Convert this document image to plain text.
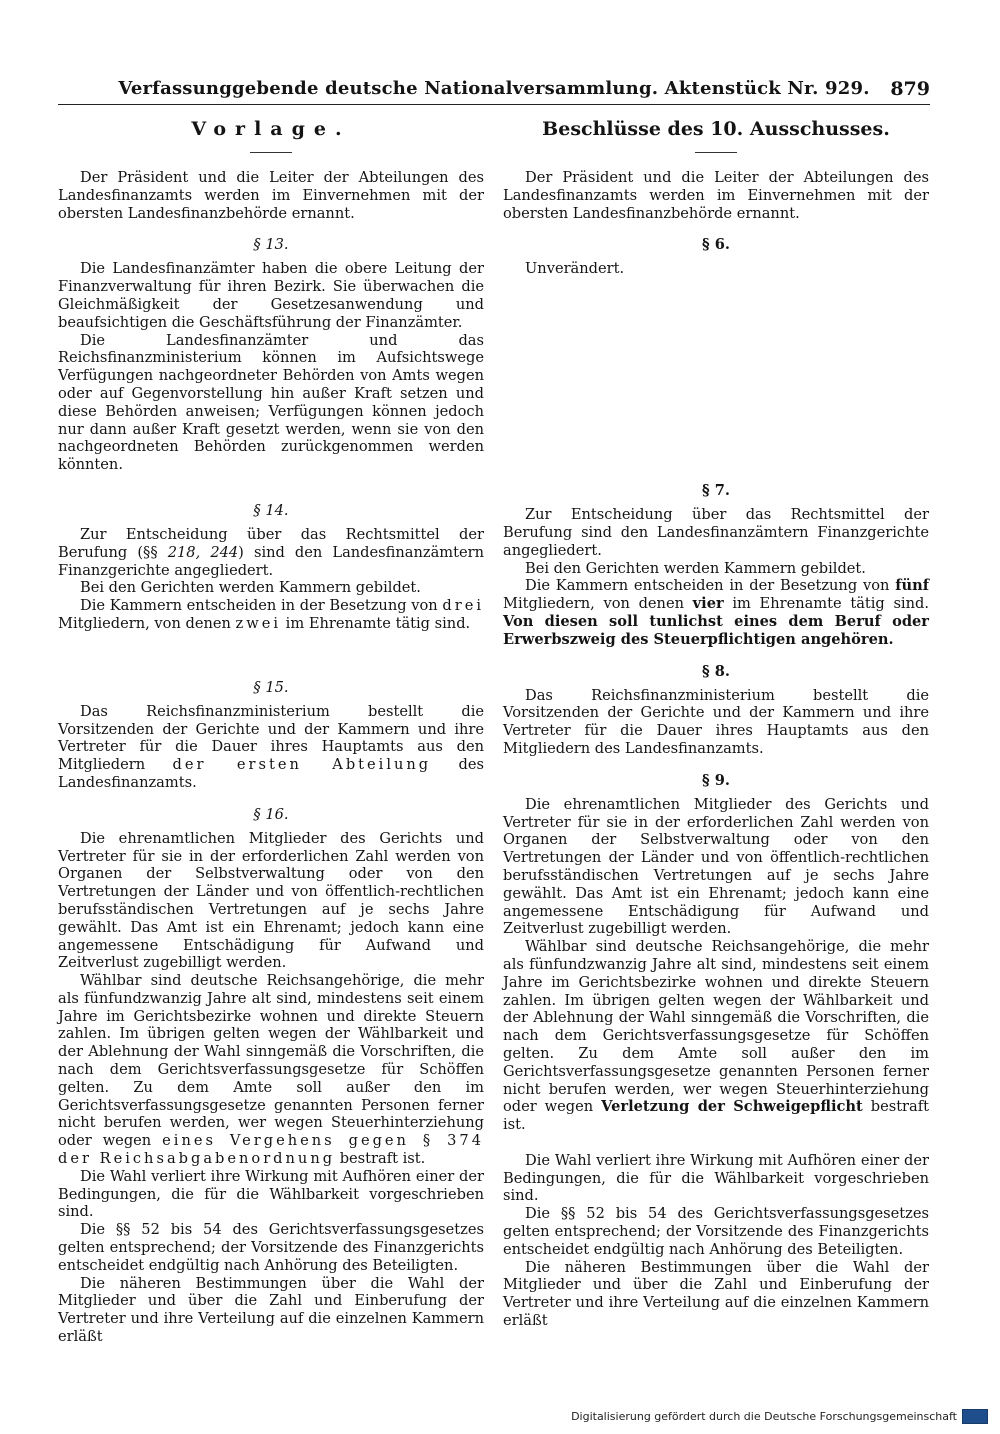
Verfassunggebende deutsche Nationalversammlung. Aktenstück Nr. 929.	879
Vorlage.

Der Präsident und die Leiter der Abteilungen des Landesfinanzamts werden im Einvernehmen mit der obersten Landesfinanzbehörde ernannt.

§ 13.

Die Landesfinanzämter haben die obere Leitung der Finanzverwaltung für ihren Bezirk. Sie überwachen die Gleichmäßigkeit der Gesetzesanwendung und beaufsichtigen die Geschäftsführung der Finanzämter.

Die Landesfinanzämter und das Reichsfinanzministerium können im Aufsichtswege Verfügungen nachgeordneter Behörden von Amts wegen oder auf Gegenvorstellung hin außer Kraft setzen und diese Behörden anweisen; Verfügungen können jedoch nur dann außer Kraft gesetzt werden, wenn sie von den nachgeordneten Behörden zurückgenommen werden könnten.

§ 14.

Zur Entscheidung über das Rechtsmittel der Berufung (§§ 218, 244) sind den Landesfinanzämtern Finanzgerichte angegliedert.

Bei den Gerichten werden Kammern gebildet.

Die Kammern entscheiden in der Besetzung von drei Mitgliedern, von denen zwei im Ehrenamte tätig sind.

§ 15.

Das Reichsfinanzministerium bestellt die Vorsitzenden der Gerichte und der Kammern und ihre Vertreter für die Dauer ihres Hauptamts aus den Mitgliedern der ersten Abteilung des Landesfinanzamts.

§ 16.

Die ehrenamtlichen Mitglieder des Gerichts und Vertreter für sie in der erforderlichen Zahl werden von Organen der Selbstverwaltung oder von den Vertretungen der Länder und von öffentlich-rechtlichen berufsständischen Vertretungen auf je sechs Jahre gewählt. Das Amt ist ein Ehrenamt; jedoch kann eine angemessene Entschädigung für Aufwand und Zeitverlust zugebilligt werden.

Wählbar sind deutsche Reichsangehörige, die mehr als fünfundzwanzig Jahre alt sind, mindestens seit einem Jahre im Gerichtsbezirke wohnen und direkte Steuern zahlen. Im übrigen gelten wegen der Wählbarkeit und der Ablehnung der Wahl sinngemäß die Vorschriften, die nach dem Gerichtsverfassungsgesetze für Schöffen gelten. Zu dem Amte soll außer den im Gerichtsverfassungsgesetze genannten Personen ferner nicht berufen werden, wer wegen Steuerhinterziehung oder wegen eines Vergehens gegen § 374 der Reichsabgabenordnung bestraft ist.

Die Wahl verliert ihre Wirkung mit Aufhören einer der Bedingungen, die für die Wählbarkeit vorgeschrieben sind.

Die §§ 52 bis 54 des Gerichtsverfassungsgesetzes gelten entsprechend; der Vorsitzende des Finanzgerichts entscheidet endgültig nach Anhörung des Beteiligten.

Die näheren Bestimmungen über die Wahl der Mitglieder und über die Zahl und Einberufung der Vertreter und ihre Verteilung auf die einzelnen Kammern erläßt

Beschlüsse des 10. Ausschusses.

Der Präsident und die Leiter der Abteilungen des Landesfinanzamts werden im Einvernehmen mit der obersten Landesfinanzbehörde ernannt.

§ 6.

Unverändert.

§ 7.

Zur Entscheidung über das Rechtsmittel der Berufung sind den Landesfinanzämtern Finanzgerichte angegliedert.

Bei den Gerichten werden Kammern gebildet.

Die Kammern entscheiden in der Besetzung von fünf Mitgliedern, von denen vier im Ehrenamte tätig sind. Von diesen soll tunlichst eines dem Beruf oder Erwerbszweig des Steuerpflichtigen angehören.

§ 8.

Das Reichsfinanzministerium bestellt die Vorsitzenden der Gerichte und der Kammern und ihre Vertreter für die Dauer ihres Hauptamts aus den Mitgliedern des Landesfinanzamts.

§ 9.

Die ehrenamtlichen Mitglieder des Gerichts und Vertreter für sie in der erforderlichen Zahl werden von Organen der Selbstverwaltung oder von den Vertretungen der Länder und von öffentlich-rechtlichen berufsständischen Vertretungen auf je sechs Jahre gewählt. Das Amt ist ein Ehrenamt; jedoch kann eine angemessene Entschädigung für Aufwand und Zeitverlust zugebilligt werden.

Wählbar sind deutsche Reichsangehörige, die mehr als fünfundzwanzig Jahre alt sind, mindestens seit einem Jahre im Gerichtsbezirke wohnen und direkte Steuern zahlen. Im übrigen gelten wegen der Wählbarkeit und der Ablehnung der Wahl sinngemäß die Vorschriften, die nach dem Gerichtsverfassungsgesetze für Schöffen gelten. Zu dem Amte soll außer den im Gerichtsverfassungsgesetze genannten Personen ferner nicht berufen werden, wer wegen Steuerhinterziehung oder wegen Verletzung der Schweigepflicht bestraft ist.

Die Wahl verliert ihre Wirkung mit Aufhören einer der Bedingungen, die für die Wählbarkeit vorgeschrieben sind.

Die §§ 52 bis 54 des Gerichtsverfassungsgesetzes gelten entsprechend; der Vorsitzende des Finanzgerichts entscheidet endgültig nach Anhörung des Beteiligten.

Die näheren Bestimmungen über die Wahl der Mitglieder und über die Zahl und Einberufung der Vertreter und ihre Verteilung auf die einzelnen Kammern erläßt

Digitalisierung gefördert durch die Deutsche Forschungsgemeinschaft
